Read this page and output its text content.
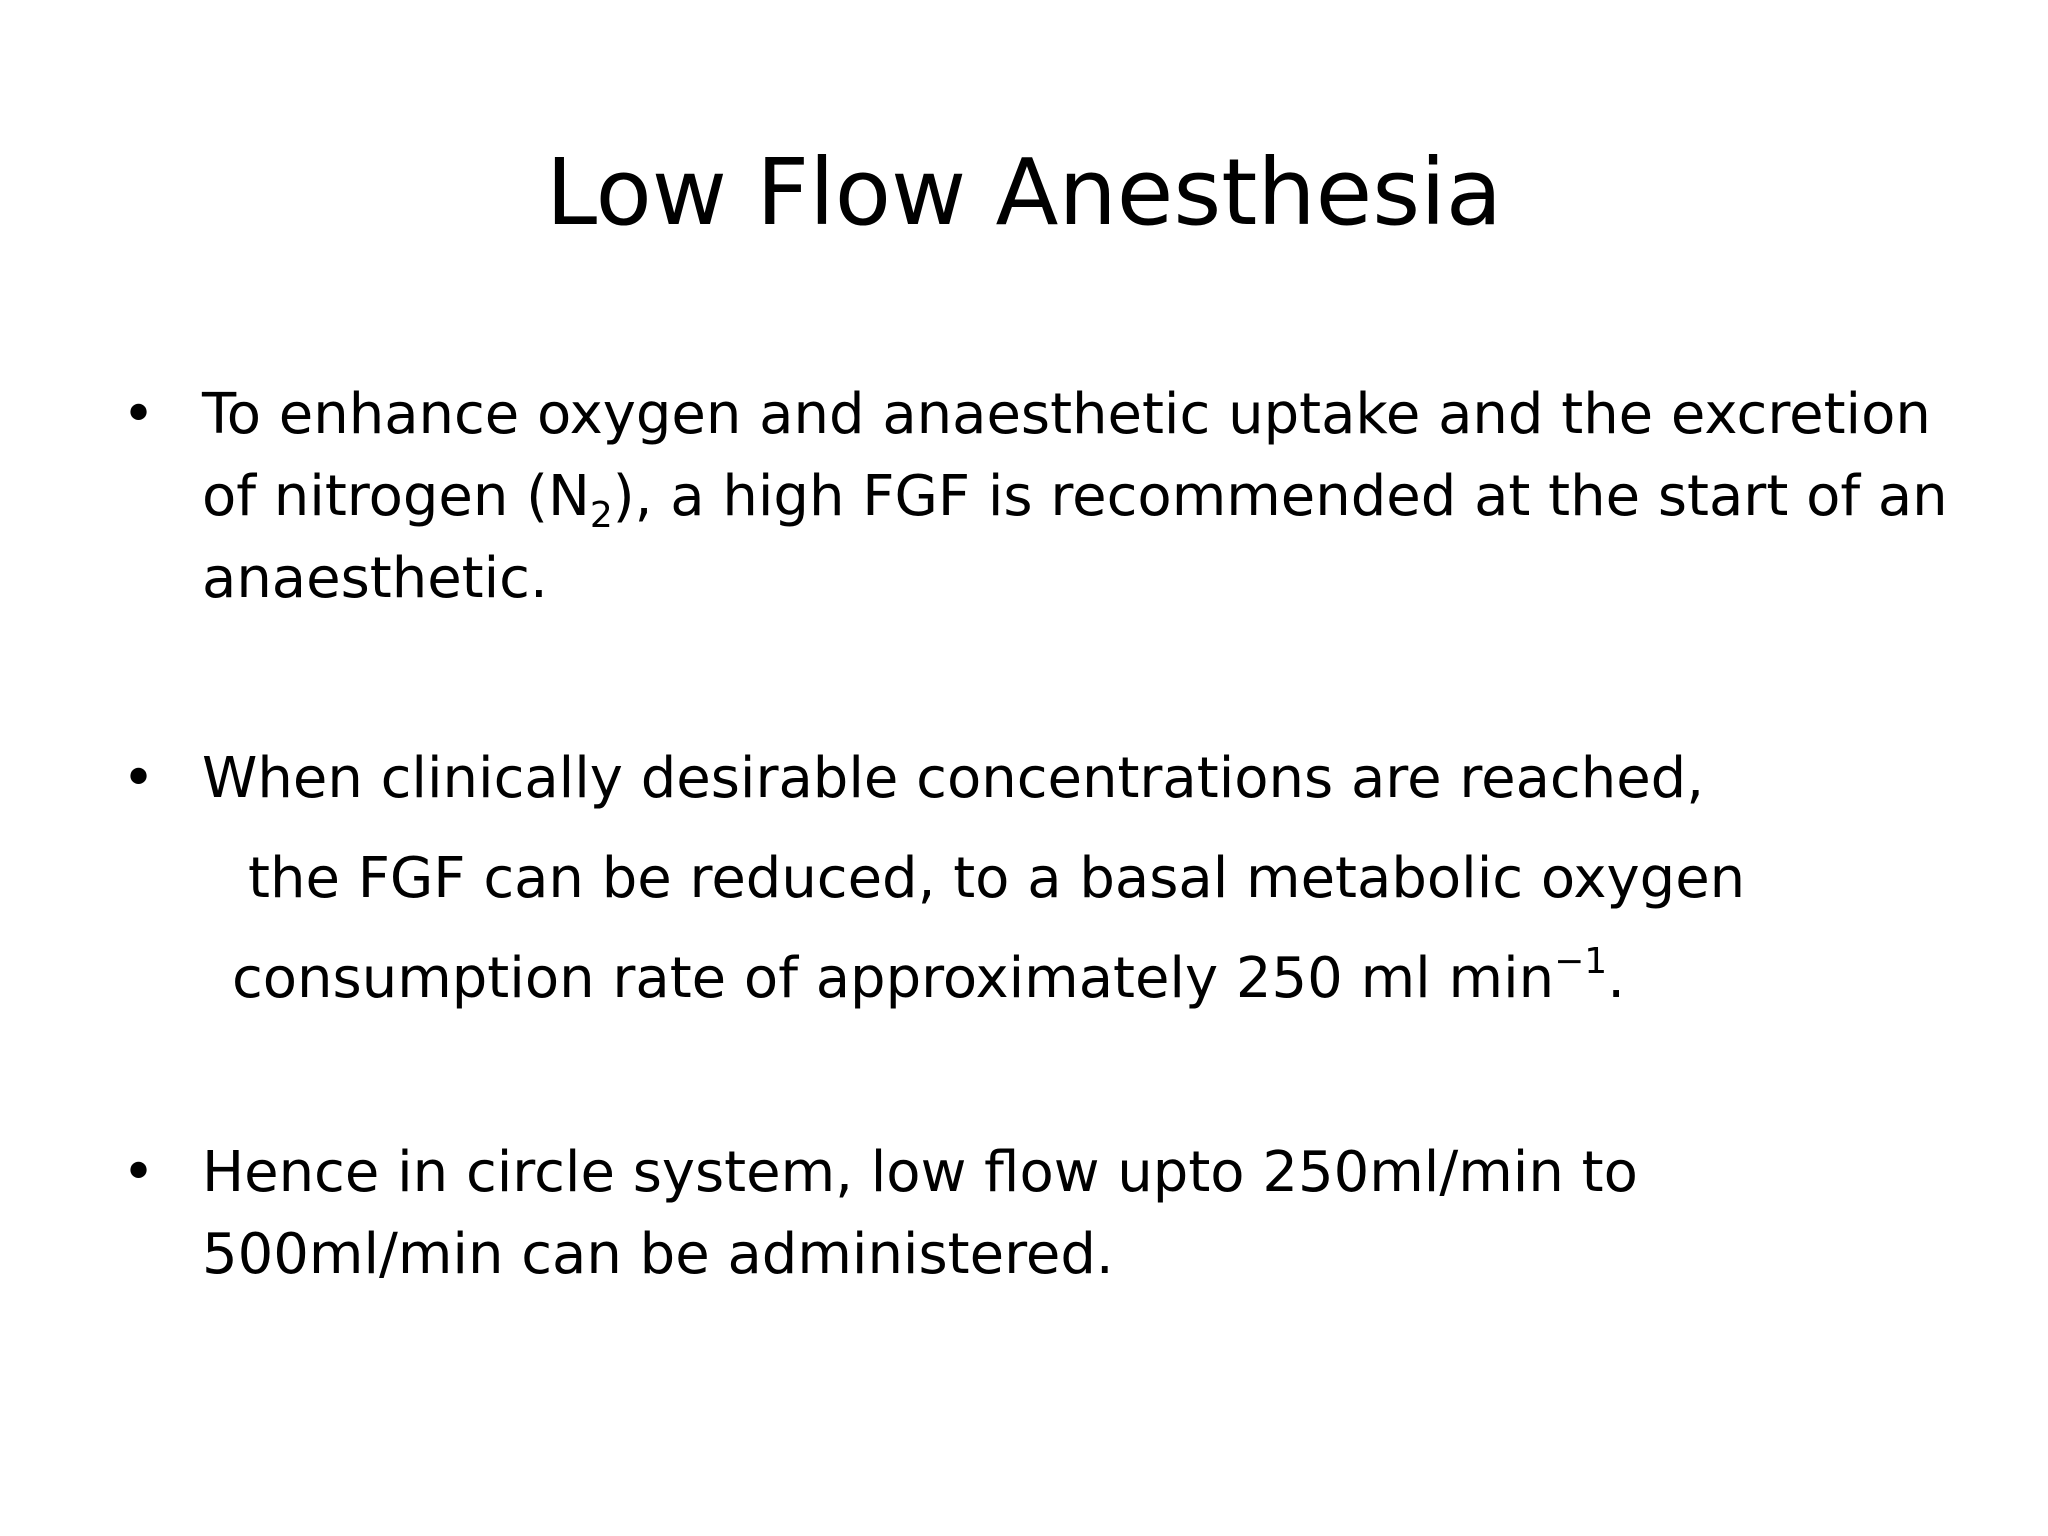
Low Flow Anesthesia
• To enhance oxygen and anaesthetic uptake and the excretion
of nitrogen $(N_2)$, a high FGF is recommended at the start of an
anaesthetic.
• When clinically desirable concentrations are reached,
the FGF can be reduced, to a basal metabolic oxygen
consumption rate of approximately 250 ml $\min^{-1}$.
• Hence in circle system, low flow upto 250ml/min to
500ml/min can be administered.
